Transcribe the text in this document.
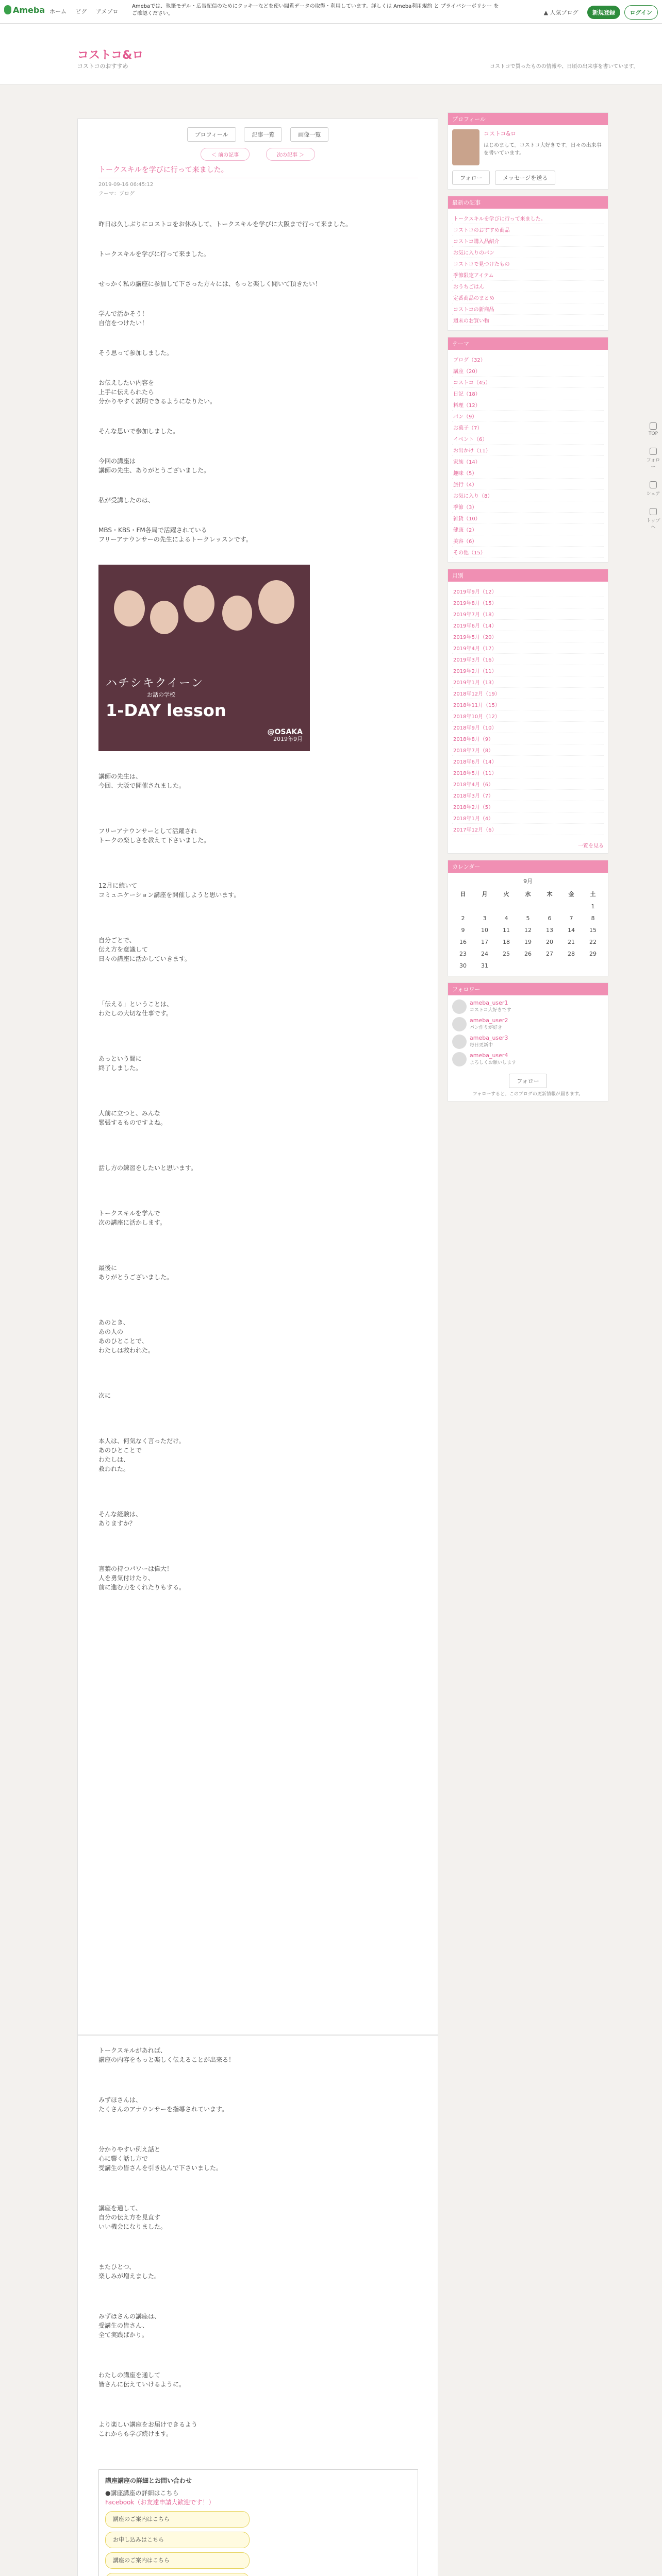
Ameba ホーム ピグ アメブロ
Amebaでは、執筆モデル・広告配信のためにクッキーなどを使い閲覧データの取得・利用しています。詳しくは Ameba利用規約 と プライバシーポリシー をご確認ください。	▲ 人気ブログ	新規登録	ログイン
コストコ&ロ
コストコのおすすめ	コストコで買ったものの情報や、日頃の出来事を書いています。
TOP
フォロー
シェア
トップへ
プロフィール	記事一覧	画像一覧
＜ 前の記事	次の記事 ＞
トークスキルを学びに行って来ました。
2019-09-16 06:45:12
テーマ：ブログ
昨日は久しぶりにコストコをお休みして、トークスキルを学びに大阪まで行って来ました。
トークスキルを学びに行って来ました。
せっかく私の講座に参加して下さった方々には、もっと楽しく聞いて頂きたい！
学んで活かそう！
自信をつけたい！
そう思って参加しました。
お伝えしたい内容を
上手に伝えられたら
分かりやすく説明できるようになりたい。
そんな思いで参加しました。
今回の講座は
講師の先生、ありがとうございました。
私が受講したのは、
MBS・KBS・FM各局で活躍されている
フリーアナウンサーの先生によるトークレッスンです。
ハチシキクイーン
お話の学校
1-DAY lesson
@OSAKA
2019年9月
講師の先生は、
今回、大阪で開催されました。
フリーアナウンサーとして活躍され
トークの楽しさを教えて下さいました。
12月に続いて
コミュニケーション講座を開催しようと思います。
自分ごとで、
伝え方を意識して
日々の講座に活かしていきます。
「伝える」ということは、
わたしの大切な仕事です。
あっという間に
終了しました。
人前に立つと、みんな
緊張するものですよね。
話し方の練習をしたいと思います。
トークスキルを学んで
次の講座に活かします。
最後に
ありがとうございました。
あのとき、
あの人の
あのひとことで、
わたしは救われた。
次に
本人は、何気なく言っただけ。
あのひとことで
わたしは、
救われた。
そんな経験は、
ありますか？
言葉の持つパワーは偉大！
人を勇気付けたり、
前に進む力をくれたりもする。
プロフィール
コストコ&ロ
はじめまして。コストコ大好きです。日々の出来事を書いています。
フォロー	メッセージを送る
最新の記事
トークスキルを学びに行って来ました。
コストコのおすすめ商品
コストコ購入品紹介
お気に入りのパン
コストコで見つけたもの
季節限定アイテム
おうちごはん
定番商品のまとめ
コストコの新商品
週末のお買い物
テーマ
ブログ（32）
講座（20）
コストコ（45）
日記（18）
料理（12）
パン（9）
お菓子（7）
イベント（6）
お出かけ（11）
家族（14）
趣味（5）
旅行（4）
お気に入り（8）
季節（3）
雑貨（10）
健康（2）
美容（6）
その他（15）
月別
2019年9月（12）
2019年8月（15）
2019年7月（18）
2019年6月（14）
2019年5月（20）
2019年4月（17）
2019年3月（16）
2019年2月（11）
2019年1月（13）
2018年12月（19）
2018年11月（15）
2018年10月（12）
2018年9月（10）
2018年8月（9）
2018年7月（8）
2018年6月（14）
2018年5月（11）
2018年4月（6）
2018年3月（7）
2018年2月（5）
2018年1月（4）
2017年12月（6）
一覧を見る
カレンダー
9月
日	月	火	水	木	金	土
						1
2	3	4	5	6	7	8
9	10	11	12	13	14	15
16	17	18	19	20	21	22
23	24	25	26	27	28	29
30	31					
フォロワー
ameba_user1
コストコ大好きです
ameba_user2
パン作りが好き
ameba_user3
毎日更新中
ameba_user4
よろしくお願いします
フォロー
フォローすると、このブログの更新情報が届きます。
トークスキルがあれば、
講座の内容をもっと楽しく伝えることが出来る！
みずほさんは、
たくさんのアナウンサーを指導されています。
分かりやすい例え話と
心に響く話し方で
受講生の皆さんを引き込んで下さいました。
講座を通して、
自分の伝え方を見直す
いい機会になりました。
またひとつ、
楽しみが増えました。
みずほさんの講座は、
受講生の皆さん、
全て実践ばかり。
わたしの講座を通して
皆さんに伝えていけるように。
より楽しい講座をお届けできるよう
これからも学び続けます。
講座講座の詳細とお問い合わせ
●講座講座の詳細はこちら
Facebook（お友達申請大歓迎です！）
講座のご案内はこちら
お申し込みはこちら
講座のご案内はこちら
